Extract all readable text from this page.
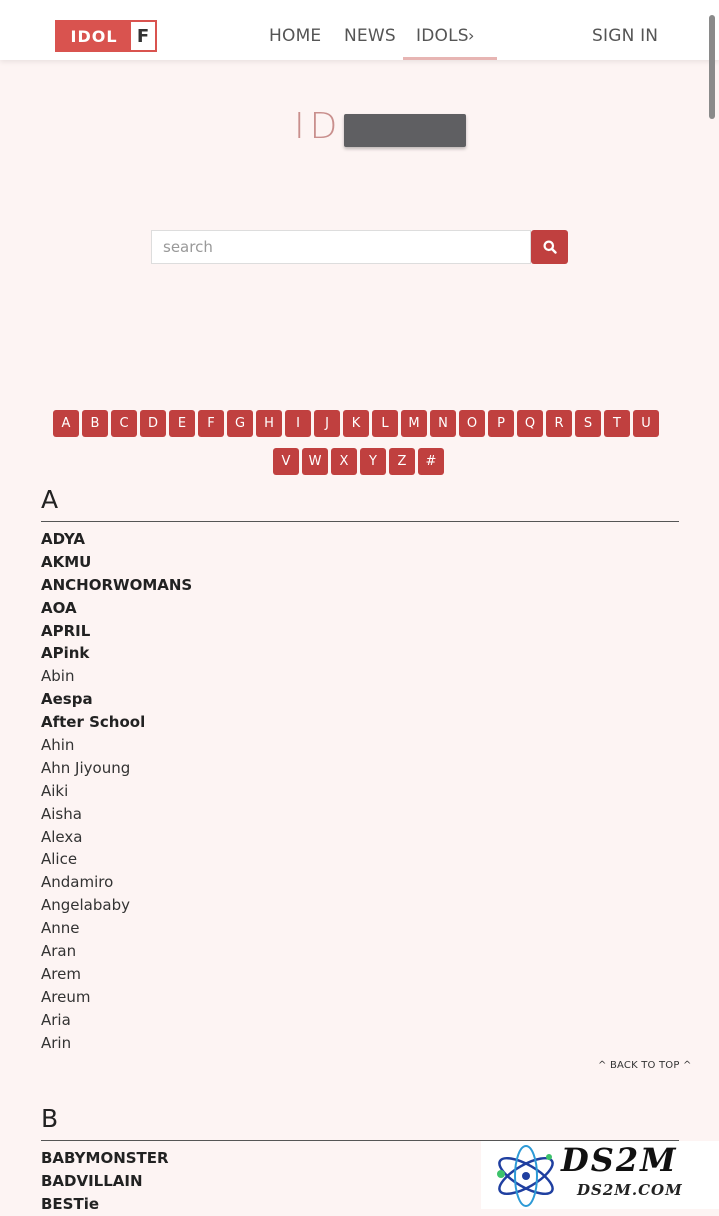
IDOL	F	HOME NEWS IDOLS ›	SIGN IN
ID
search
A	B	C	D	E	F	G	H	I	J	K	L	M	N	O	P	Q	R	S	T	U
V	W	X	Y	Z	#
A
ADYA
AKMU
ANCHORWOMANS
AOA
APRIL
APink
Abin
Aespa
After School
Ahin
Ahn Jiyoung
Aiki
Aisha
Alexa
Alice
Andamiro
Angelababy
Anne
Aran
Arem
Areum
Aria
Arin
^ BACK TO TOP ^
B
BABYMONSTER
BADVILLAIN
BESTie
DS2M
DS2M.COM
